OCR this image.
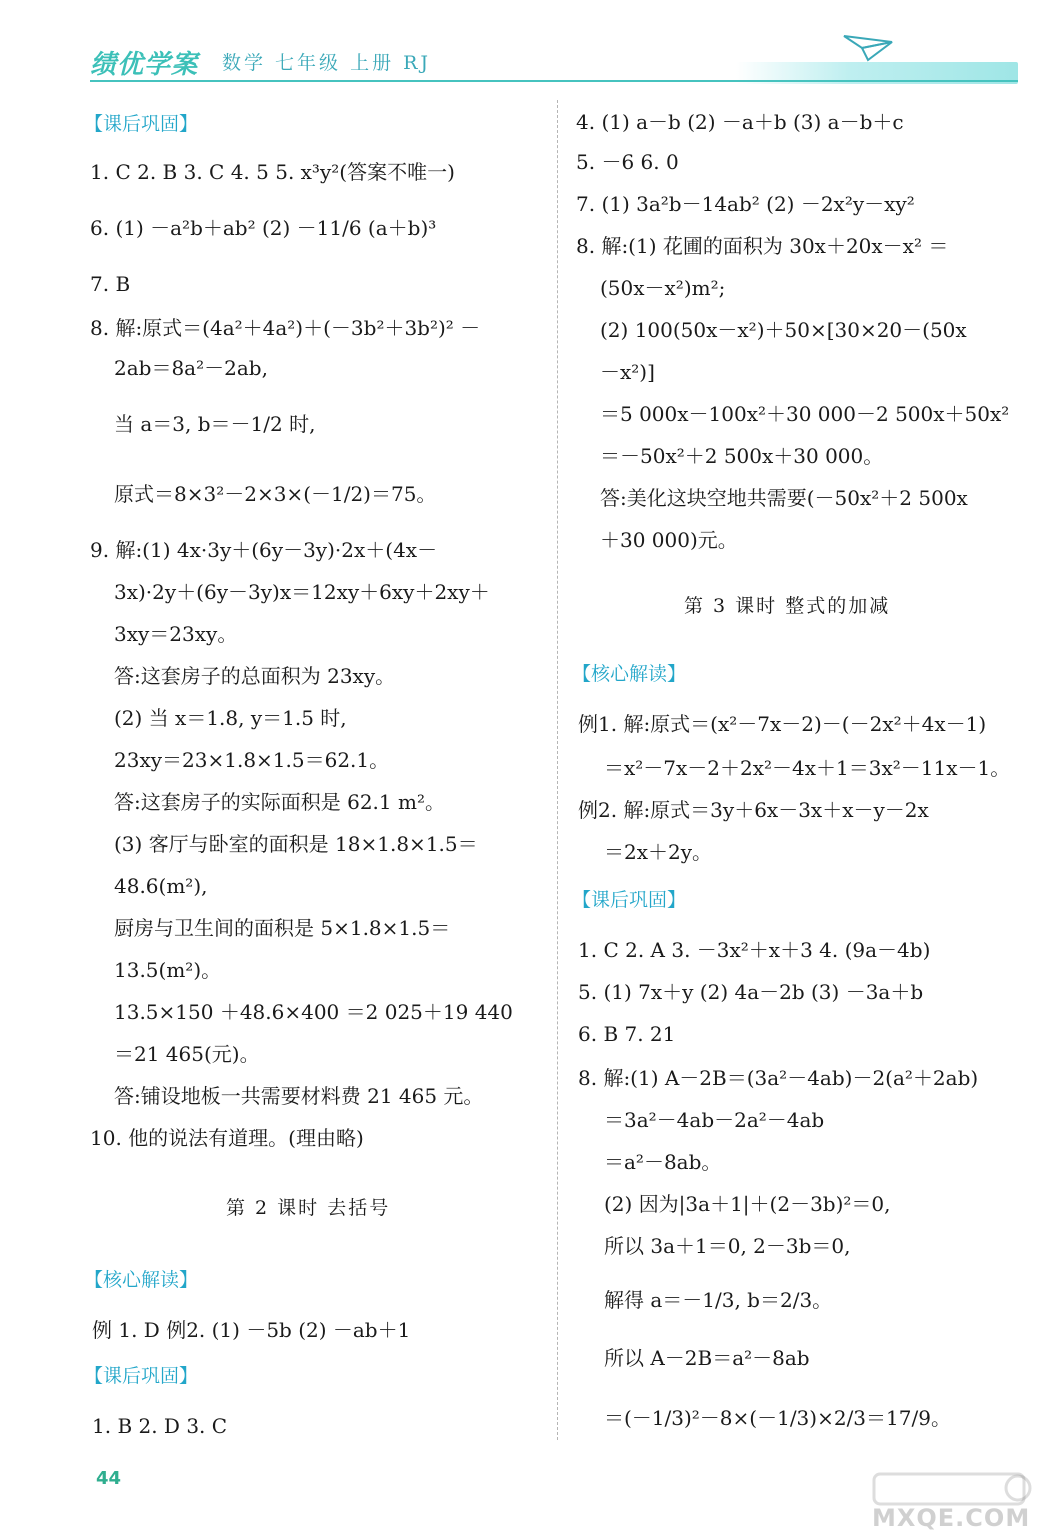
绩优学案 数学 七年级 上册 RJ
【课后巩固】
1. C 2. B 3. C 4. 5 5. x³y²(答案不唯一)
6. (1) －a²b＋ab² (2) －11/6 (a＋b)³
7. B
8. 解:原式＝(4a²＋4a²)＋(－3b²＋3b²)² －
2ab＝8a²－2ab,
当 a＝3, b＝－1/2 时,
原式＝8×3²－2×3×(－1/2)＝75。
9. 解:(1) 4x·3y＋(6y－3y)·2x＋(4x－
3x)·2y＋(6y－3y)x＝12xy＋6xy＋2xy＋
3xy＝23xy。
答:这套房子的总面积为 23xy。
(2) 当 x＝1.8, y＝1.5 时,
23xy＝23×1.8×1.5＝62.1。
答:这套房子的实际面积是 62.1 m²。
(3) 客厅与卧室的面积是 18×1.8×1.5＝
48.6(m²),
厨房与卫生间的面积是 5×1.8×1.5＝
13.5(m²)。
13.5×150 ＋48.6×400 ＝2 025＋19 440
＝21 465(元)。
答:铺设地板一共需要材料费 21 465 元。
10. 他的说法有道理。(理由略)
第 2 课时 去括号
【核心解读】
例 1. D 例2. (1) －5b (2) －ab＋1
【课后巩固】
1. B 2. D 3. C
4. (1) a－b (2) －a＋b (3) a－b＋c
5. －6 6. 0
7. (1) 3a²b－14ab² (2) －2x²y－xy²
8. 解:(1) 花圃的面积为 30x＋20x－x² ＝
(50x－x²)m²;
(2) 100(50x－x²)＋50×[30×20－(50x
－x²)]
＝5 000x－100x²＋30 000－2 500x＋50x²
＝－50x²＋2 500x＋30 000。
答:美化这块空地共需要(－50x²＋2 500x
＋30 000)元。
第 3 课时 整式的加减
【核心解读】
例1. 解:原式＝(x²－7x－2)－(－2x²＋4x－1)
＝x²－7x－2＋2x²－4x＋1＝3x²－11x－1。
例2. 解:原式＝3y＋6x－3x＋x－y－2x
＝2x＋2y。
【课后巩固】
1. C 2. A 3. －3x²＋x＋3 4. (9a－4b)
5. (1) 7x＋y (2) 4a－2b (3) －3a＋b
6. B 7. 21
8. 解:(1) A－2B＝(3a²－4ab)－2(a²＋2ab)
＝3a²－4ab－2a²－4ab
＝a²－8ab。
(2) 因为|3a＋1|＋(2－3b)²＝0,
所以 3a＋1＝0, 2－3b＝0,
解得 a＝－1/3, b＝2/3。
所以 A－2B＝a²－8ab
＝(－1/3)²－8×(－1/3)×2/3＝17/9。
44
MXQE.COM
